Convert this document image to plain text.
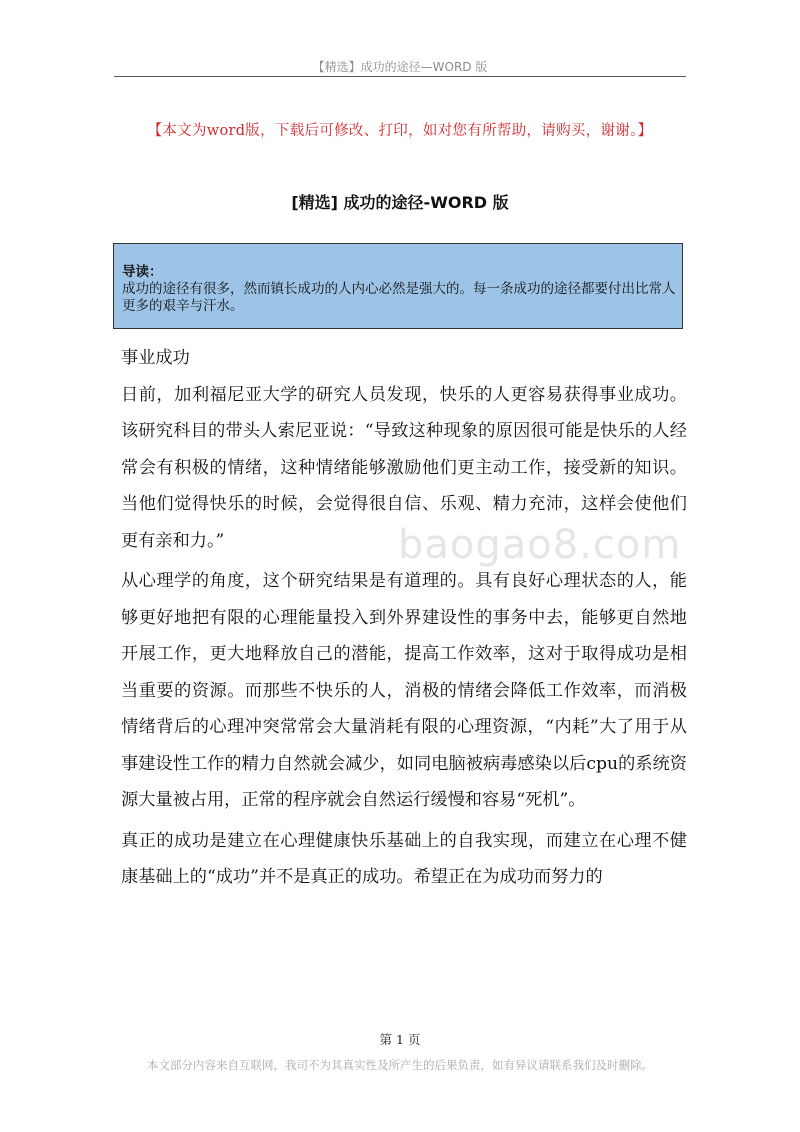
【精选】成功的途径—WORD 版
【本文为word版，下载后可修改、打印，如对您有所帮助，请购买，谢谢。】
[精选] 成功的途径-WORD 版
导读：
成功的途径有很多，然而镇长成功的人内心必然是强大的。每一条成功的途径都要付出比常人更多的艰辛与汗水。

事业成功

日前，加利福尼亚大学的研究人员发现，快乐的人更容易获得事业成功。该研究科目的带头人索尼亚说：“导致这种现象的原因很可能是快乐的人经常会有积极的情绪，这种情绪能够激励他们更主动工作，接受新的知识。当他们觉得快乐的时候，会觉得很自信、乐观、精力充沛，这样会使他们更有亲和力。”

从心理学的角度，这个研究结果是有道理的。具有良好心理状态的人，能够更好地把有限的心理能量投入到外界建设性的事务中去，能够更自然地开展工作，更大地释放自己的潜能，提高工作效率，这对于取得成功是相当重要的资源。而那些不快乐的人，消极的情绪会降低工作效率，而消极情绪背后的心理冲突常常会大量消耗有限的心理资源，“内耗”大了用于从事建设性工作的精力自然就会减少，如同电脑被病毒感染以后cpu的系统资源大量被占用，正常的程序就会自然运行缓慢和容易“死机”。

真正的成功是建立在心理健康快乐基础上的自我实现，而建立在心理不健康基础上的“成功”并不是真正的成功。希望正在为成功而努力的

baogao8.com
第 1 页
本文部分内容来自互联网，我司不为其真实性及所产生的后果负责，如有异议请联系我们及时删除。
